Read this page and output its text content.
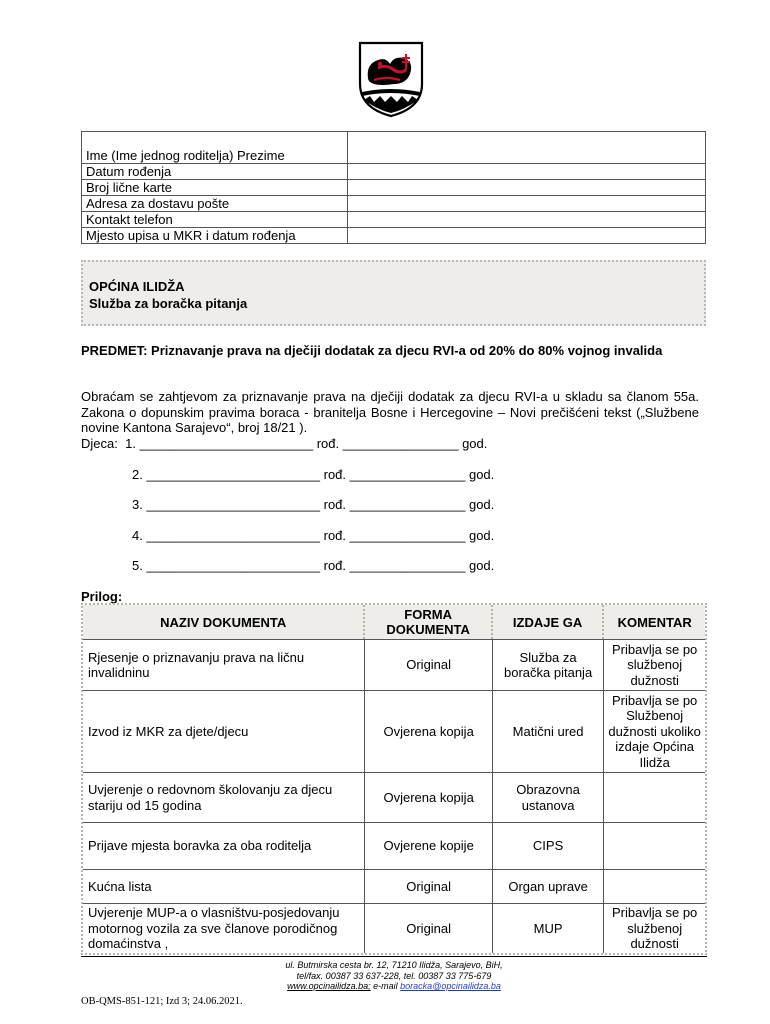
Ime (Ime jednog roditelja) Prezime	
Datum rođenja	
Broj lične karte	
Adresa za dostavu pošte	
Kontakt telefon	
Mjesto upisa u MKR i datum rođenja	
OPĆINA ILIDŽA
Služba za boračka pitanja
PREDMET: Priznavanje prava na dječiji dodatak za djecu RVI-a od 20% do 80% vojnog invalida
Obraćam se zahtjevom za priznavanje prava na dječiji dodatak za djecu RVI-a u skladu sa članom 55a. Zakona o dopunskim pravima boraca - branitelja Bosne i Hercegovine – Novi prečišćeni tekst („Službene novine Kantona Sarajevo“, broj 18/21 ).
Djeca: 1. ________________________ rođ. ________________ god.
2. ________________________ rođ. ________________ god.
3. ________________________ rođ. ________________ god.
4. ________________________ rođ. ________________ god.
5. ________________________ rođ. ________________ god.
Prilog:
NAZIV DOKUMENTA	FORMA DOKUMENTA	IZDAJE GA	KOMENTAR
Rjesenje o priznavanju prava na ličnu invalidninu	Original	Služba za boračka pitanja	Pribavlja se po službenoj dužnosti
Izvod iz MKR za djete/djecu	Ovjerena kopija	Matični ured	Pribavlja se po Službenoj dužnosti ukoliko izdaje Općina Ilidža
Uvjerenje o redovnom školovanju za djecu stariju od 15 godina	Ovjerena kopija	Obrazovna ustanova	
Prijave mjesta boravka za oba roditelja	Ovjerene kopije	CIPS	
Kućna lista	Original	Organ uprave	
Uvjerenje MUP-a o vlasništvu-posjedovanju motornog vozila za sve članove porodičnog domaćinstva ,	Original	MUP	Pribavlja se po službenoj dužnosti
ul. Butmirska cesta br. 12, 71210 Ilidža, Sarajevo, BiH,
tel/fax. 00387 33 637-228, tel. 00387 33 775-679
www.opcinailidza.ba; e-mail boracka@opcinailidza.ba
OB-QMS-851-121; Izd 3; 24.06.2021.
